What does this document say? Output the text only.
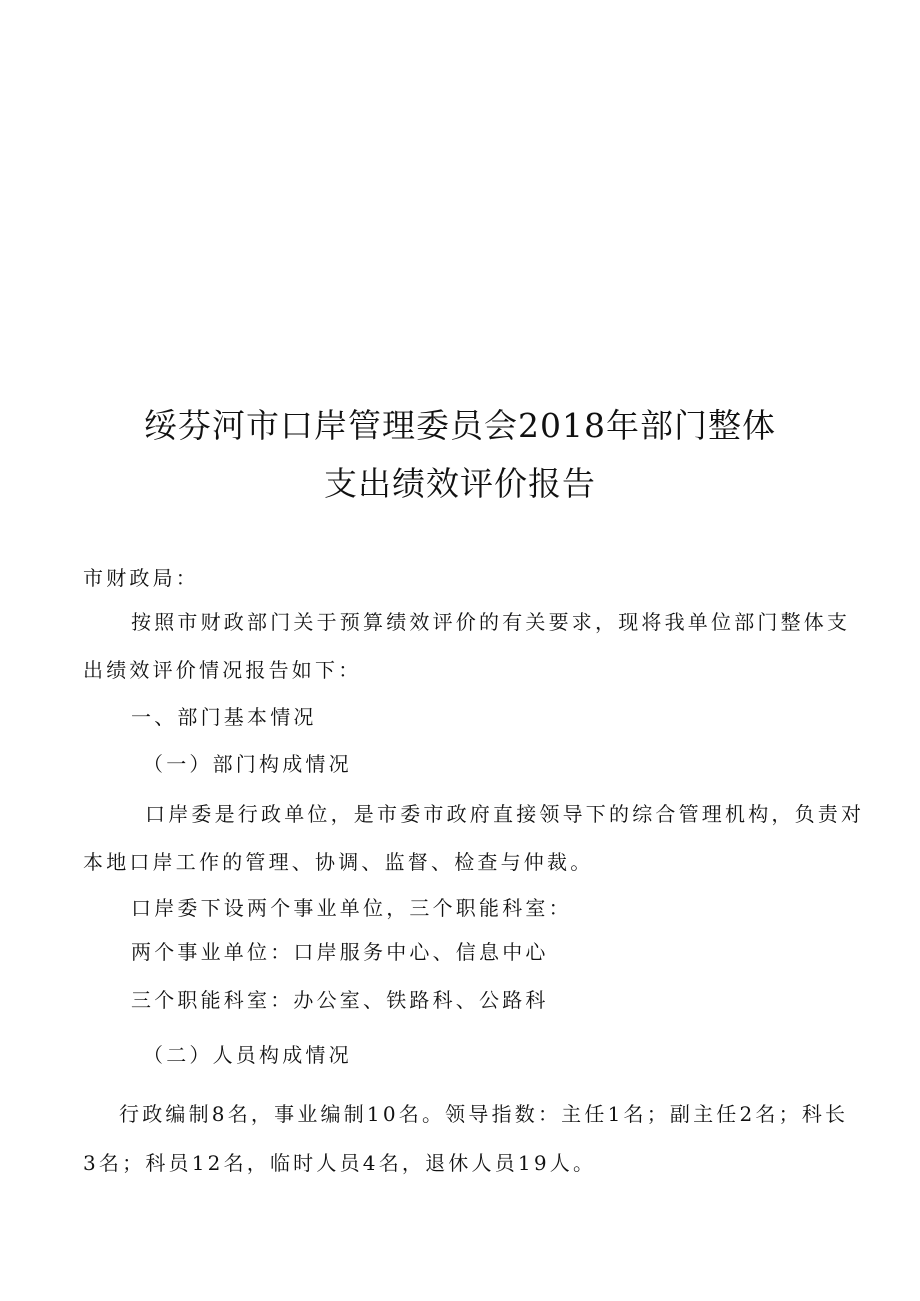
绥芬河市口岸管理委员会2018年部门整体
支出绩效评价报告
市财政局：
按照市财政部门关于预算绩效评价的有关要求，现将我单位部门整体支
出绩效评价情况报告如下：
一、部门基本情况
（一）部门构成情况
口岸委是行政单位，是市委市政府直接领导下的综合管理机构，负责对
本地口岸工作的管理、协调、监督、检查与仲裁。
口岸委下设两个事业单位，三个职能科室：
两个事业单位：口岸服务中心、信息中心
三个职能科室：办公室、铁路科、公路科
（二）人员构成情况
行政编制8名，事业编制10名。领导指数：主任1名；副主任2名；科长
3名；科员12名，临时人员4名，退休人员19人。
